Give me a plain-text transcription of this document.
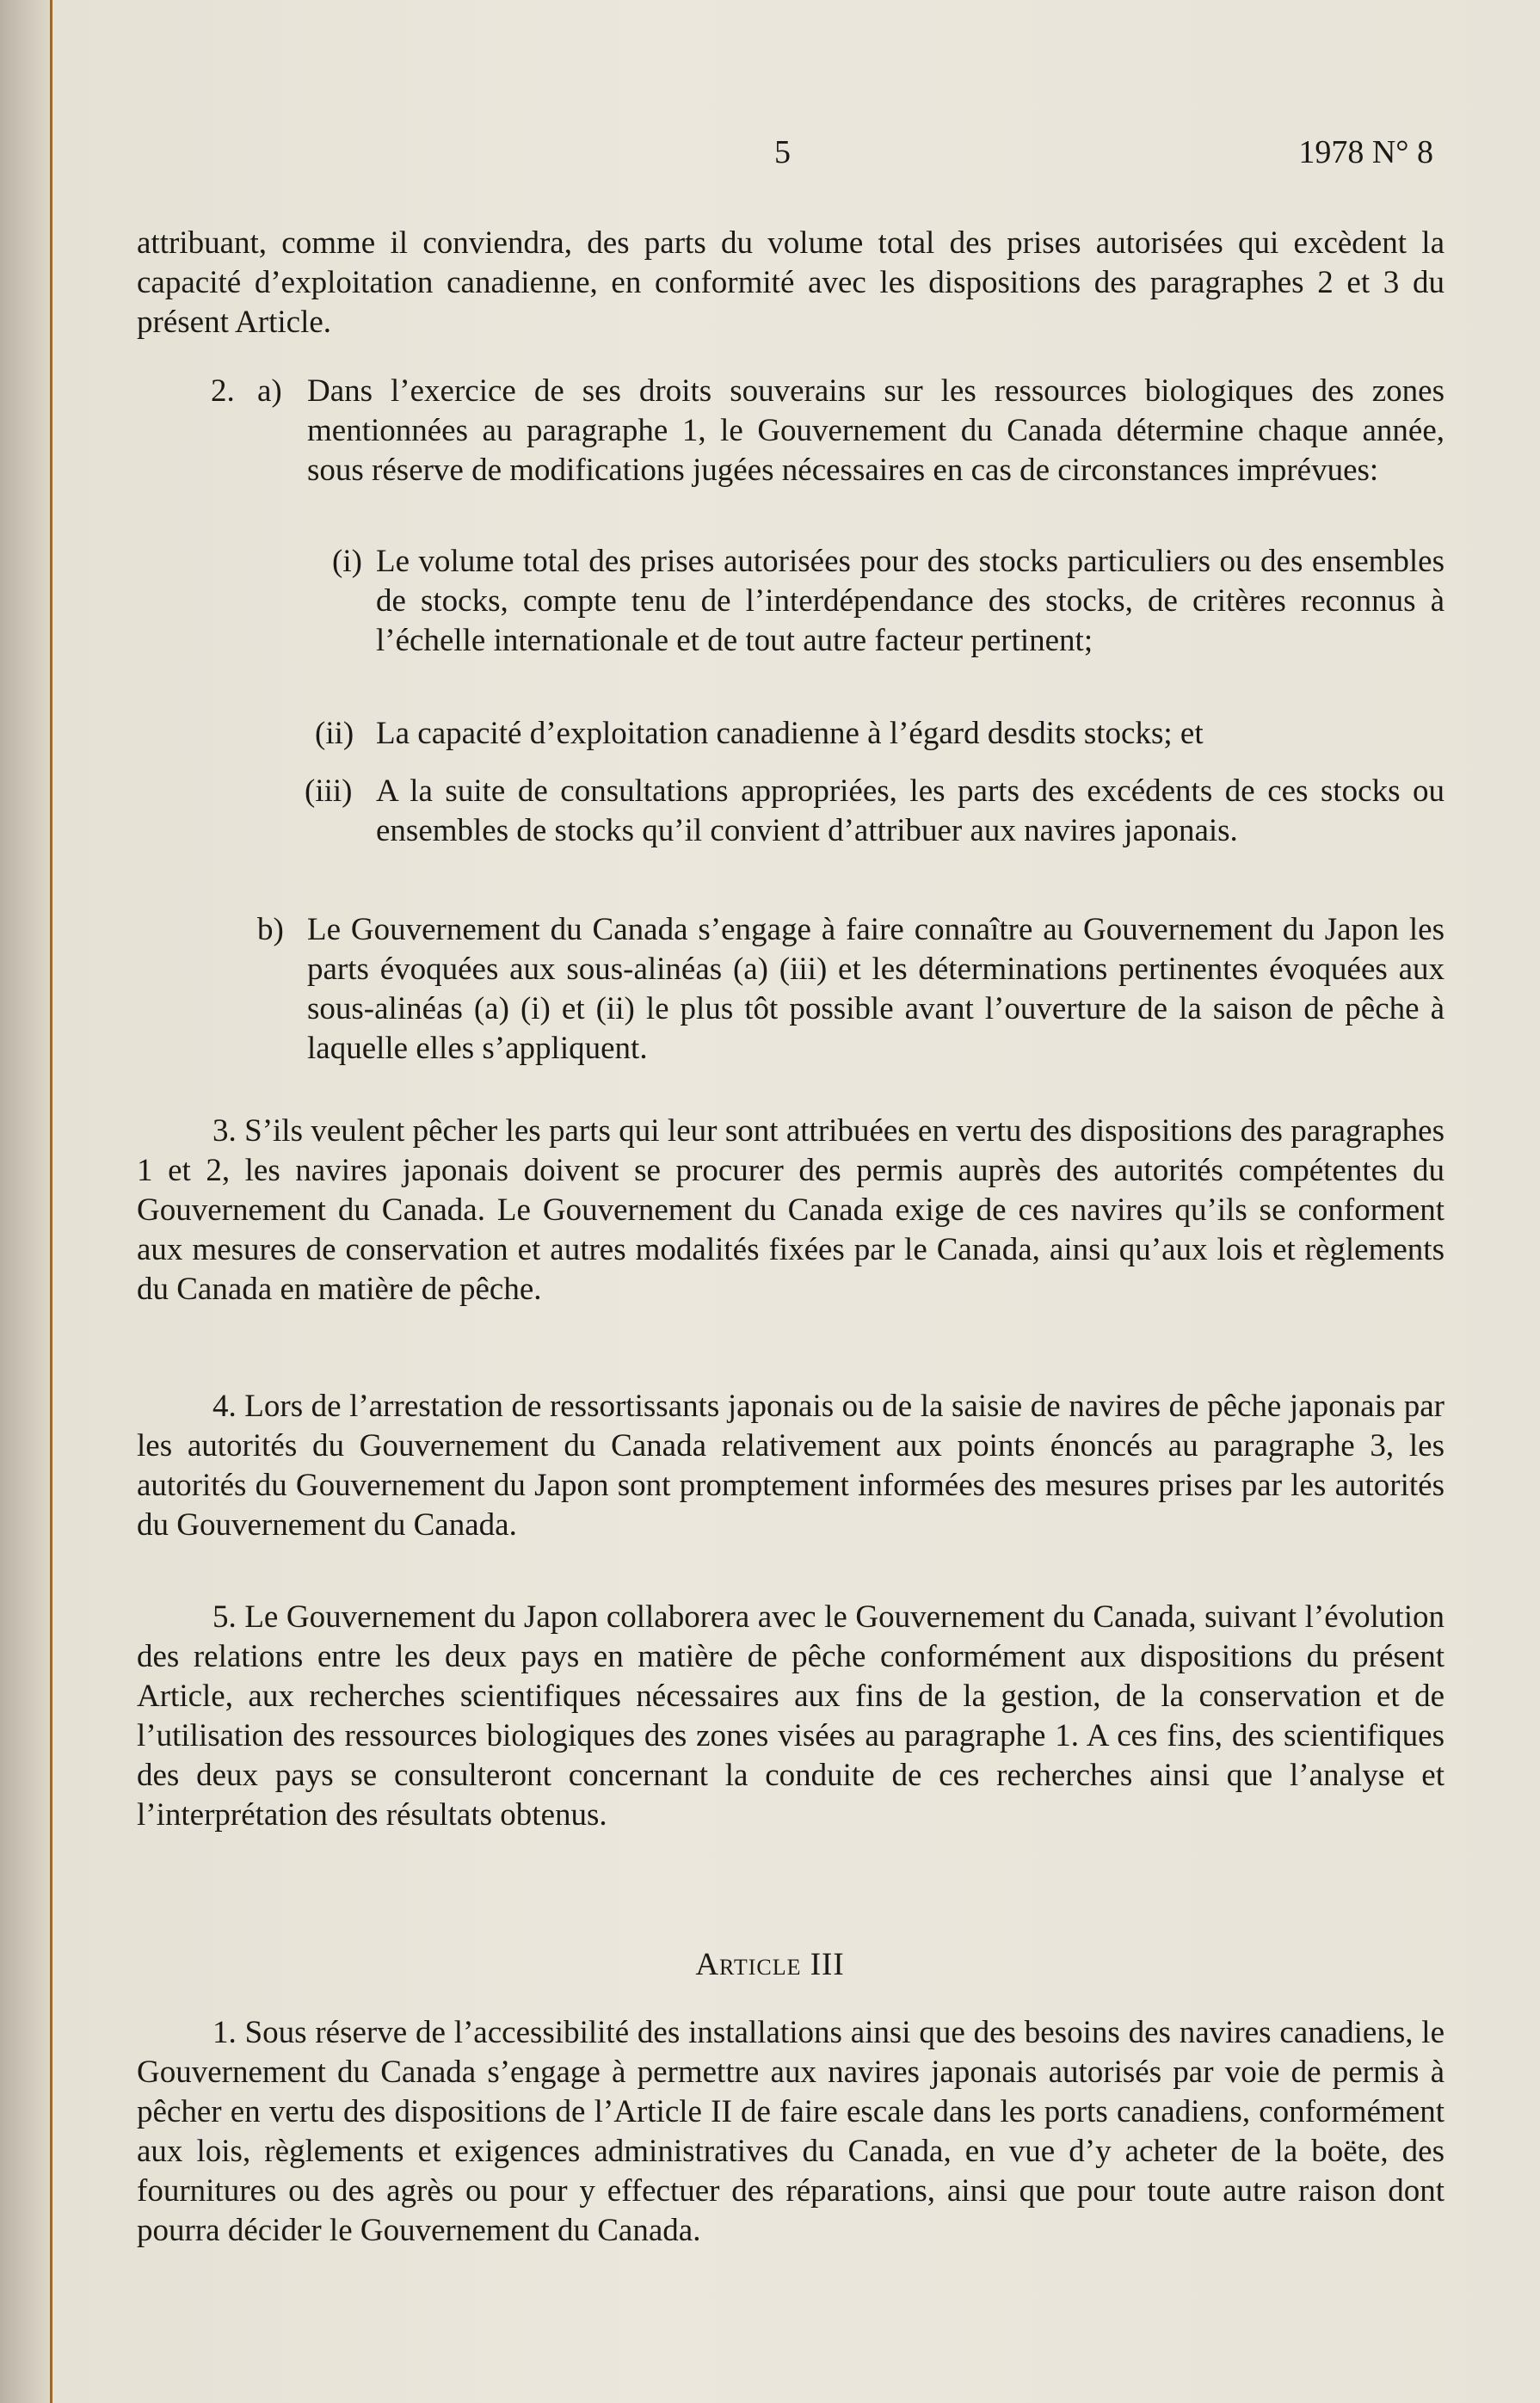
5	1978 N° 8
attribuant, comme il conviendra, des parts du volume total des prises autorisées qui excèdent la capacité d’exploitation canadienne, en conformité avec les dispositions des paragraphes 2 et 3 du présent Article.
2. a) Dans l’exercice de ses droits souverains sur les ressources biologiques des zones mentionnées au paragraphe 1, le Gouvernement du Canada détermine chaque année, sous réserve de modifications jugées nécessaires en cas de circonstances imprévues:
(i) Le volume total des prises autorisées pour des stocks particuliers ou des ensembles de stocks, compte tenu de l’interdépendance des stocks, de critères reconnus à l’échelle internationale et de tout autre facteur pertinent;
(ii) La capacité d’exploitation canadienne à l’égard desdits stocks; et
(iii) A la suite de consultations appropriées, les parts des excédents de ces stocks ou ensembles de stocks qu’il convient d’attribuer aux navires japonais.
b) Le Gouvernement du Canada s’engage à faire connaître au Gouvernement du Japon les parts évoquées aux sous-alinéas (a) (iii) et les déterminations pertinentes évoquées aux sous-alinéas (a) (i) et (ii) le plus tôt possible avant l’ouverture de la saison de pêche à laquelle elles s’appliquent.
3. S’ils veulent pêcher les parts qui leur sont attribuées en vertu des dispositions des paragraphes 1 et 2, les navires japonais doivent se procurer des permis auprès des autorités compétentes du Gouvernement du Canada. Le Gouvernement du Canada exige de ces navires qu’ils se conforment aux mesures de conservation et autres modalités fixées par le Canada, ainsi qu’aux lois et règlements du Canada en matière de pêche.
4. Lors de l’arrestation de ressortissants japonais ou de la saisie de navires de pêche japonais par les autorités du Gouvernement du Canada relativement aux points énoncés au paragraphe 3, les autorités du Gouvernement du Japon sont promptement informées des mesures prises par les autorités du Gouvernement du Canada.
5. Le Gouvernement du Japon collaborera avec le Gouvernement du Canada, suivant l’évolution des relations entre les deux pays en matière de pêche conformément aux dispositions du présent Article, aux recherches scientifiques nécessaires aux fins de la gestion, de la conservation et de l’utilisation des ressources biologiques des zones visées au paragraphe 1. A ces fins, des scientifiques des deux pays se consulteront concernant la conduite de ces recherches ainsi que l’analyse et l’interprétation des résultats obtenus.
Article III
1. Sous réserve de l’accessibilité des installations ainsi que des besoins des navires canadiens, le Gouvernement du Canada s’engage à permettre aux navires japonais autorisés par voie de permis à pêcher en vertu des dispositions de l’Article II de faire escale dans les ports canadiens, conformément aux lois, règlements et exigences administratives du Canada, en vue d’y acheter de la boëte, des fournitures ou des agrès ou pour y effectuer des réparations, ainsi que pour toute autre raison dont pourra décider le Gouvernement du Canada.
